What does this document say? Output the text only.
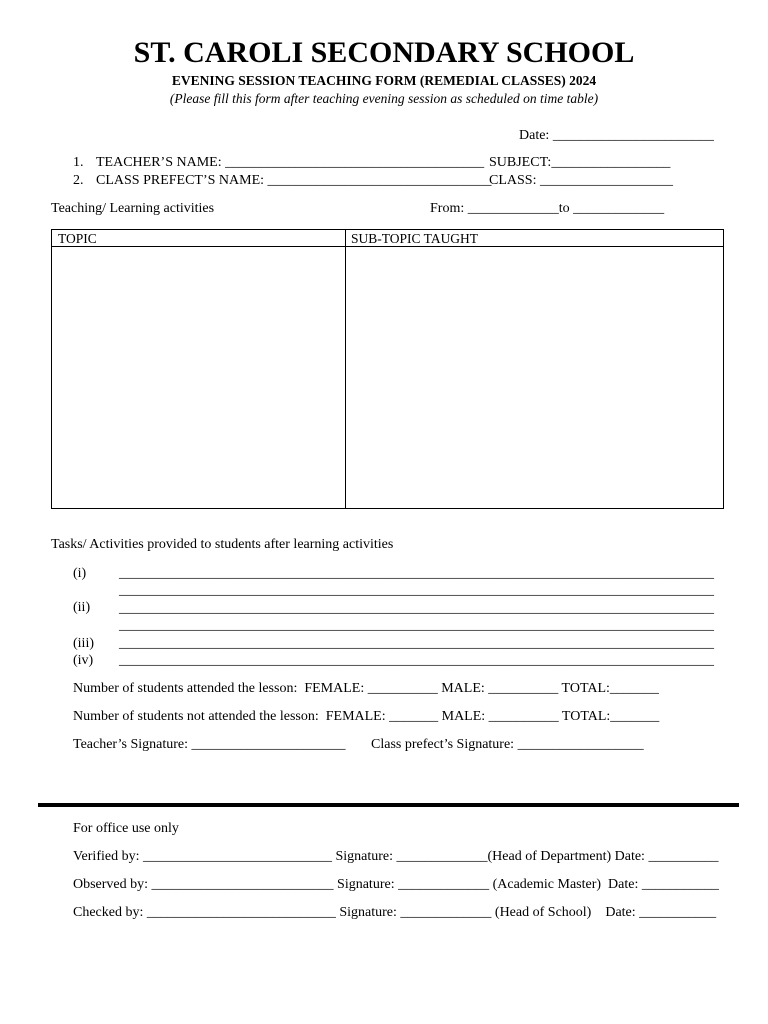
ST. CAROLI SECONDARY SCHOOL
EVENING SESSION TEACHING FORM (REMEDIAL CLASSES) 2024
(Please fill this form after teaching evening session as scheduled on time table)
Date: _______________________
1. TEACHER’S NAME: _____________________________________ SUBJECT:_________________
2. CLASS PREFECT’S NAME: ________________________________
CLASS: ___________________
Teaching/ Learning activities	From: _____________to _____________
TOPIC	SUB-TOPIC TAUGHT
Tasks/ Activities provided to students after learning activities
(i) _____________________________________________________________________________________
_____________________________________________________________________________________
(ii) _____________________________________________________________________________________
_____________________________________________________________________________________
(iii) _____________________________________________________________________________________
(iv) _____________________________________________________________________________________
Number of students attended the lesson:  FEMALE: __________ MALE: __________ TOTAL:_______
Number of students not attended the lesson:  FEMALE: _______ MALE: __________ TOTAL:_______
Teacher’s Signature: ______________________ Class prefect’s Signature: __________________
For office use only
Verified by: ___________________________ Signature: _____________(Head of Department) Date: __________
Observed by: __________________________ Signature: _____________ (Academic Master)  Date: ___________
Checked by: ___________________________ Signature: _____________ (Head of School)    Date: ___________
